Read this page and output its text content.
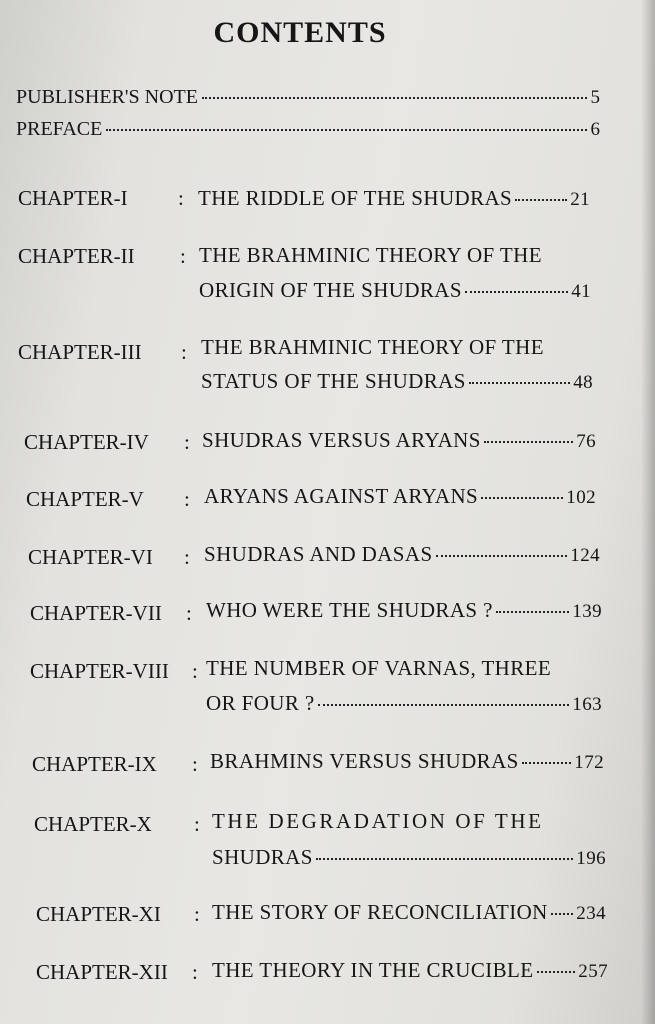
CONTENTS
PUBLISHER'S NOTE	5
PREFACE	6
CHAPTER-I : THE RIDDLE OF THE SHUDRAS	21
CHAPTER-II : THE BRAHMINIC THEORY OF THE
ORIGIN OF THE SHUDRAS	41
CHAPTER-III : THE BRAHMINIC THEORY OF THE
STATUS OF THE SHUDRAS	48
CHAPTER-IV : SHUDRAS VERSUS ARYANS	76
CHAPTER-V : ARYANS AGAINST ARYANS	102
CHAPTER-VI : SHUDRAS AND DASAS	124
CHAPTER-VII : WHO WERE THE SHUDRAS ?	139
CHAPTER-VIII : THE NUMBER OF VARNAS, THREE
OR FOUR ?	163
CHAPTER-IX : BRAHMINS VERSUS SHUDRAS	172
CHAPTER-X : THE DEGRADATION OF THE
SHUDRAS	196
CHAPTER-XI : THE STORY OF RECONCILIATION 234
CHAPTER-XII : THE THEORY IN THE CRUCIBLE 257
